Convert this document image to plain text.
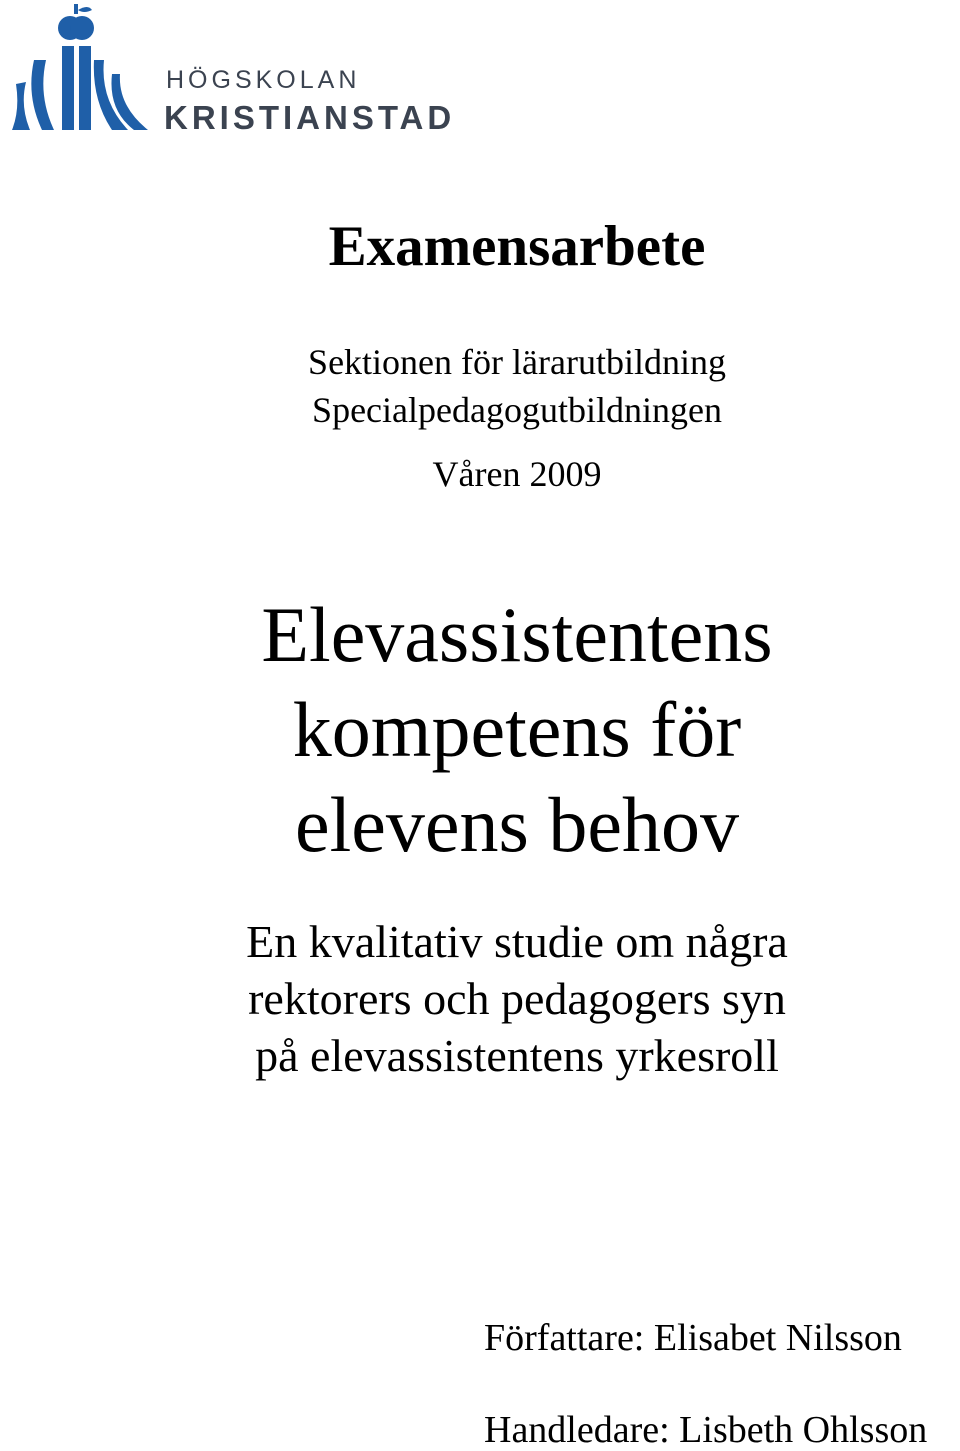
HÖGSKOLAN
KRISTIANSTAD
Examensarbete
Sektionen för lärarutbildning
Specialpedagogutbildningen
Våren 2009
Elevassistentens
kompetens för
elevens behov
En kvalitativ studie om några
rektorers och pedagogers syn
på elevassistentens yrkesroll
Författare: Elisabet Nilsson
Handledare: Lisbeth Ohlsson
